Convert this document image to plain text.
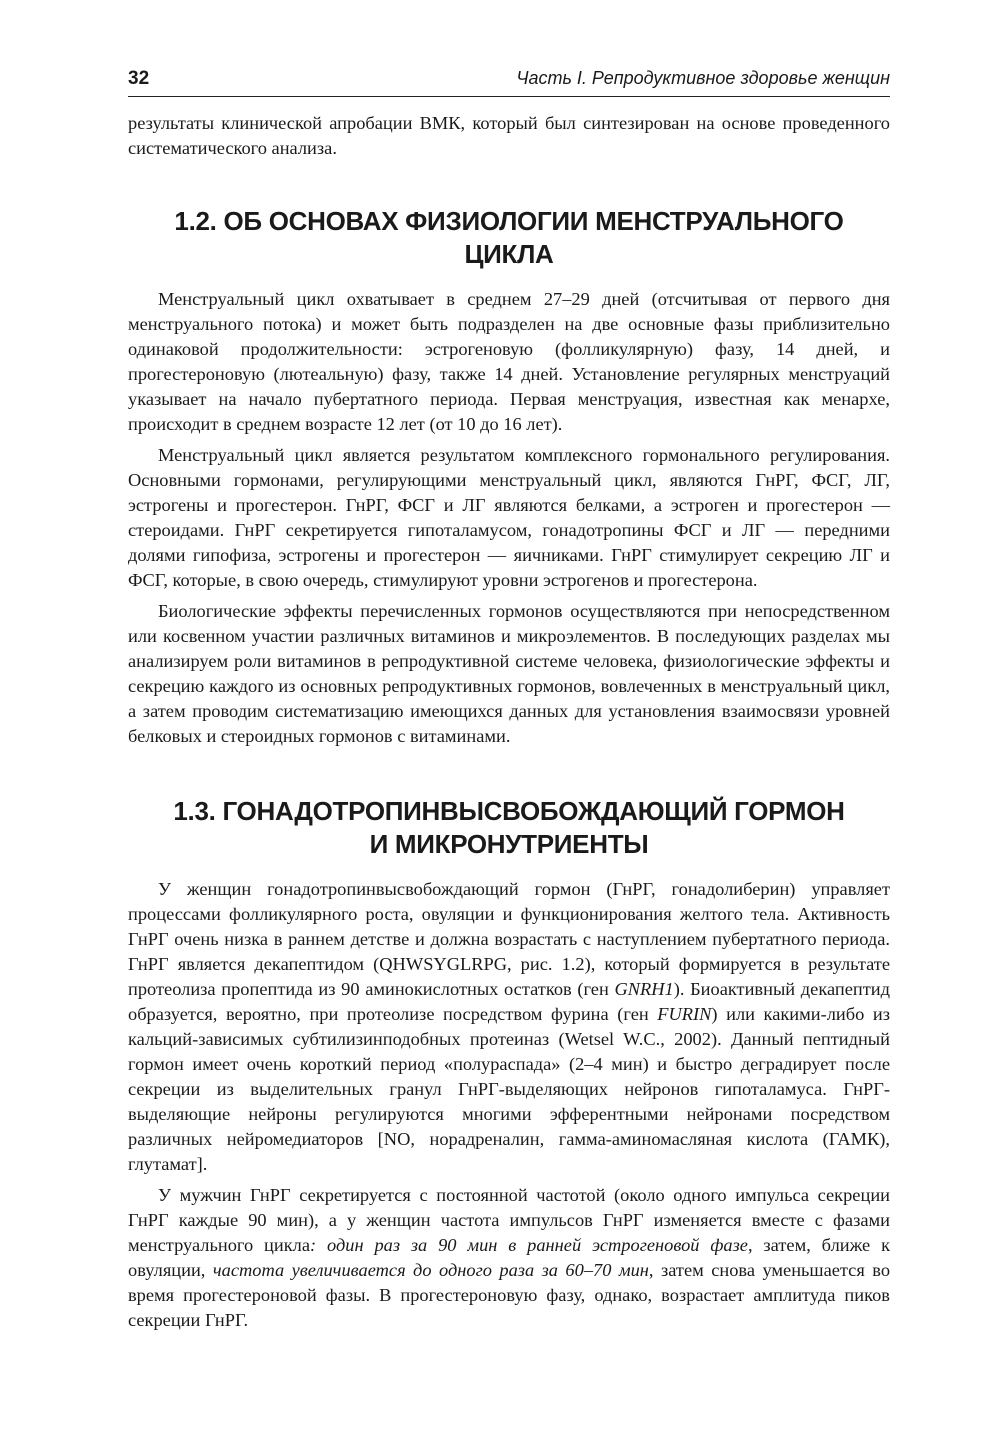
32	Часть I. Репродуктивное здоровье женщин

результаты клинической апробации ВМК, который был синтезирован на основе проведенного систематического анализа.

1.2. ОБ ОСНОВАХ ФИЗИОЛОГИИ МЕНСТРУАЛЬНОГО ЦИКЛА

Менструальный цикл охватывает в среднем 27–29 дней (отсчитывая от первого дня менструального потока) и может быть подразделен на две основные фазы приблизительно одинаковой продолжительности: эстрогеновую (фолликулярную) фазу, 14 дней, и прогестероновую (лютеальную) фазу, также 14 дней. Установление регулярных менструаций указывает на начало пубертатного периода. Первая менструация, известная как менархе, происходит в среднем возрасте 12 лет (от 10 до 16 лет).

Менструальный цикл является результатом комплексного гормонального регулирования. Основными гормонами, регулирующими менструальный цикл, являются ГнРГ, ФСГ, ЛГ, эстрогены и прогестерон. ГнРГ, ФСГ и ЛГ являются белками, а эстроген и прогестерон — стероидами. ГнРГ секретируется гипоталамусом, гонадотропины ФСГ и ЛГ — передними долями гипофиза, эстрогены и прогестерон — яичниками. ГнРГ стимулирует секрецию ЛГ и ФСГ, которые, в свою очередь, стимулируют уровни эстрогенов и прогестерона.

Биологические эффекты перечисленных гормонов осуществляются при непосредственном или косвенном участии различных витаминов и микроэлементов. В последующих разделах мы анализируем роли витаминов в репродуктивной системе человека, физиологические эффекты и секрецию каждого из основных репродуктивных гормонов, вовлеченных в менструальный цикл, а затем проводим систематизацию имеющихся данных для установления взаимосвязи уровней белковых и стероидных гормонов с витаминами.

1.3. ГОНАДОТРОПИНВЫСВОБОЖДАЮЩИЙ ГОРМОН
И МИКРОНУТРИЕНТЫ

У женщин гонадотропинвысвобождающий гормон (ГнРГ, гонадолиберин) управляет процессами фолликулярного роста, овуляции и функционирования желтого тела. Активность ГнРГ очень низка в раннем детстве и должна возрастать с наступлением пубертатного периода. ГнРГ является декапептидом (QHWSYGLRPG, рис. 1.2), который формируется в результате протеолиза пропептида из 90 аминокислотных остатков (ген GNRH1). Биоактивный декапептид образуется, вероятно, при протеолизе посредством фурина (ген FURIN) или какими-либо из кальций-зависимых субтилизинподобных протеиназ (Wetsel W.C., 2002). Данный пептидный гормон имеет очень короткий период «полураспада» (2–4 мин) и быстро деградирует после секреции из выделительных гранул ГнРГ-выделяющих нейронов гипоталамуса. ГнРГ-выделяющие нейроны регулируются многими эфферентными нейронами посредством различных нейромедиаторов [NO, норадреналин, гамма-аминомасляная кислота (ГАМК), глутамат].

У мужчин ГнРГ секретируется с постоянной частотой (около одного импульса секреции ГнРГ каждые 90 мин), а у женщин частота импульсов ГнРГ изменяется вместе с фазами менструального цикла: один раз за 90 мин в ранней эстрогеновой фазе, затем, ближе к овуляции, частота увеличивается до одного раза за 60–70 мин, затем снова уменьшается во время прогестероновой фазы. В прогестероновую фазу, однако, возрастает амплитуда пиков секреции ГнРГ.
